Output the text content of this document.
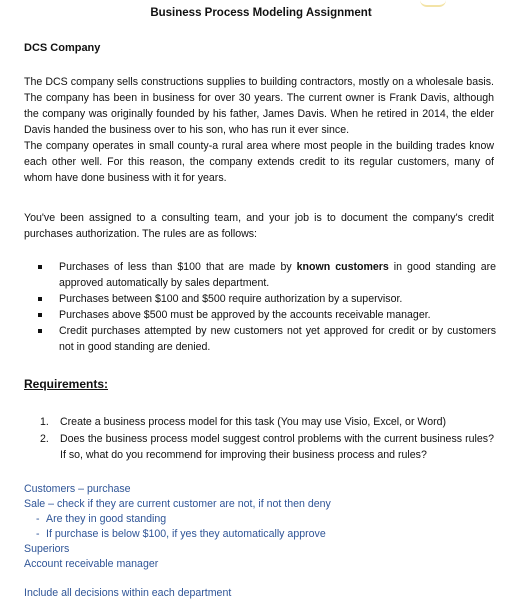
Business Process Modeling Assignment
DCS Company

The DCS company sells constructions supplies to building contractors, mostly on a wholesale basis. The company has been in business for over 30 years. The current owner is Frank Davis, although the company was originally founded by his father, James Davis. When he retired in 2014, the elder Davis handed the business over to his son, who has run it ever since.
The company operates in small county-a rural area where most people in the building trades know each other well. For this reason, the company extends credit to its regular customers, many of whom have done business with it for years.

You've been assigned to a consulting team, and your job is to document the company's credit purchases authorization. The rules are as follows:

Purchases of less than $100 that are made by known customers in good standing are approved automatically by sales department.
Purchases between $100 and $500 require authorization by a supervisor.
Purchases above $500 must be approved by the accounts receivable manager.
Credit purchases attempted by new customers not yet approved for credit or by customers not in good standing are denied.
Requirements:
1. Create a business process model for this task (You may use Visio, Excel, or Word)
2. Does the business process model suggest control problems with the current business rules? If so, what do you recommend for improving their business process and rules?
Customers – purchase
Sale – check if they are current customer are not, if not then deny
- Are they in good standing
- If purchase is below $100, if yes they automatically approve
Superiors
Account receivable manager
Include all decisions within each department
